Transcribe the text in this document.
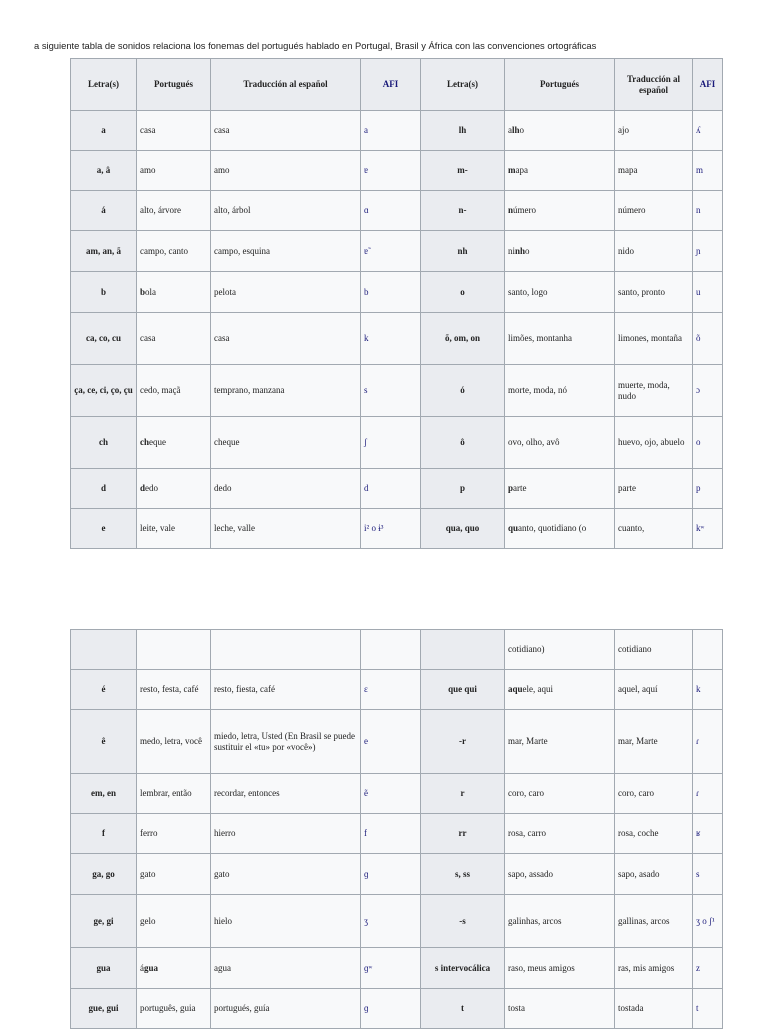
a siguiente tabla de sonidos relaciona los fonemas del portugués hablado en Portugal, Brasil y África con las convenciones ortográficas
Letra(s)	Portugués	Traducción al español	AFI	Letra(s)	Portugués	Traducción al español	AFI
a	casa	casa	a	lh	alho	ajo	ʎ
a, â	amo	amo	ɐ	m-	mapa	mapa	m
á	alto, árvore	alto, árbol	ɑ	n-	número	número	n
am, an, ã	campo, canto	campo, esquina	ɐ̃	nh	ninho	nido	ɲ
b	bola	pelota	b	o	santo, logo	santo, pronto	u
ca, co, cu	casa	casa	k	õ, om, on	limões, montanha	limones, montaña	õ
ça, ce, ci, ço, çu	cedo, maçã	temprano, manzana	s	ó	morte, moda, nó	muerte, moda, nudo	ɔ
ch	cheque	cheque	ʃ	ô	ovo, olho, avô	huevo, ojo, abuelo	o
d	dedo	dedo	d	p	parte	parte	p
e	leite, vale	leche, valle	i² o ɨ³	qua, quo	quanto, quotidiano (o	cuanto,	kʷ
					cotidiano)	cotidiano	
é	resto, festa, café	resto, fiesta, café	ɛ	que qui	aquele, aqui	aquel, aquí	k
ê	medo, letra, você	miedo, letra, Usted (En Brasil se puede sustituir el «tu» por «você»)	e	-r	mar, Marte	mar, Marte	ɾ
em, en	lembrar, então	recordar, entonces	ẽ	r	coro, caro	coro, caro	ɾ
f	ferro	hierro	f	rr	rosa, carro	rosa, coche	ʁ
ga, go	gato	gato	ɡ	s, ss	sapo, assado	sapo, asado	s
ge, gi	gelo	hielo	ʒ	-s	galinhas, arcos	gallinas, arcos	ʒ o ʃ¹
gua	água	agua	ɡʷ	s intervocálica	raso, meus amigos	ras, mis amigos	z
gue, gui	português, guia	portugués, guía	ɡ	t	tosta	tostada	t
